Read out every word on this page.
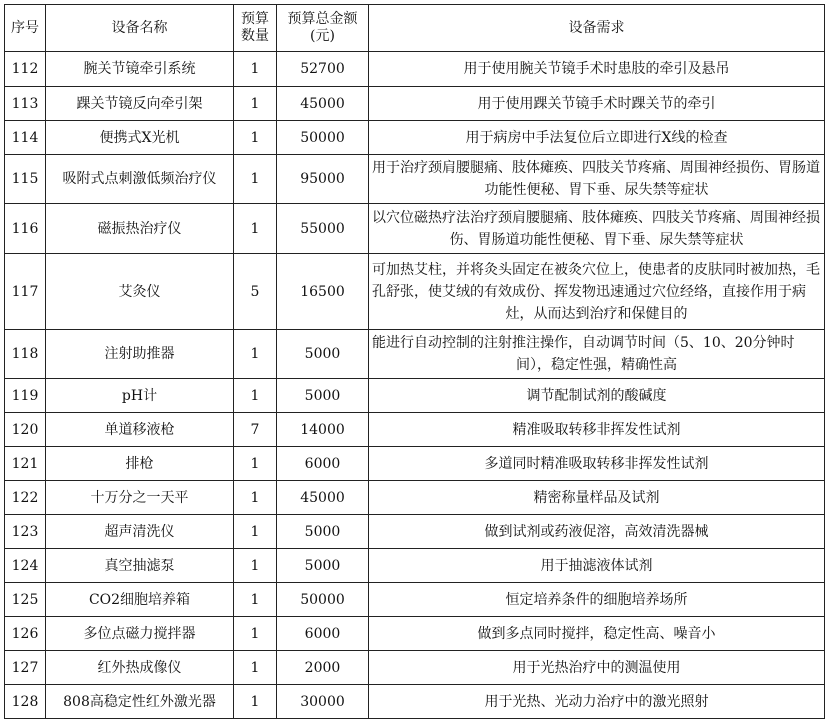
序号	设备名称	预算数量	预算总金额(元)	设备需求
112	腕关节镜牵引系统	1	52700	用于使用腕关节镜手术时患肢的牵引及悬吊
113	踝关节镜反向牵引架	1	45000	用于使用踝关节镜手术时踝关节的牵引
114	便携式X光机	1	50000	用于病房中手法复位后立即进行X线的检查
115	吸附式点刺激低频治疗仪	1	95000	用于治疗颈肩腰腿痛、肢体瘫痪、四肢关节疼痛、周围神经损伤、胃肠道功能性便秘、胃下垂、尿失禁等症状
116	磁振热治疗仪	1	55000	以穴位磁热疗法治疗颈肩腰腿痛、肢体瘫痪、四肢关节疼痛、周围神经损伤、胃肠道功能性便秘、胃下垂、尿失禁等症状
117	艾灸仪	5	16500	可加热艾柱，并将灸头固定在被灸穴位上，使患者的皮肤同时被加热，毛孔舒张，使艾绒的有效成份、挥发物迅速通过穴位经络，直接作用于病灶，从而达到治疗和保健目的
118	注射助推器	1	5000	能进行自动控制的注射推注操作，自动调节时间（5、10、20分钟时间），稳定性强，精确性高
119	pH计	1	5000	调节配制试剂的酸碱度
120	单道移液枪	7	14000	精准吸取转移非挥发性试剂
121	排枪	1	6000	多道同时精准吸取转移非挥发性试剂
122	十万分之一天平	1	45000	精密称量样品及试剂
123	超声清洗仪	1	5000	做到试剂或药液促溶，高效清洗器械
124	真空抽滤泵	1	5000	用于抽滤液体试剂
125	CO2细胞培养箱	1	50000	恒定培养条件的细胞培养场所
126	多位点磁力搅拌器	1	6000	做到多点同时搅拌，稳定性高、噪音小
127	红外热成像仪	1	2000	用于光热治疗中的测温使用
128	808高稳定性红外激光器	1	30000	用于光热、光动力治疗中的激光照射
